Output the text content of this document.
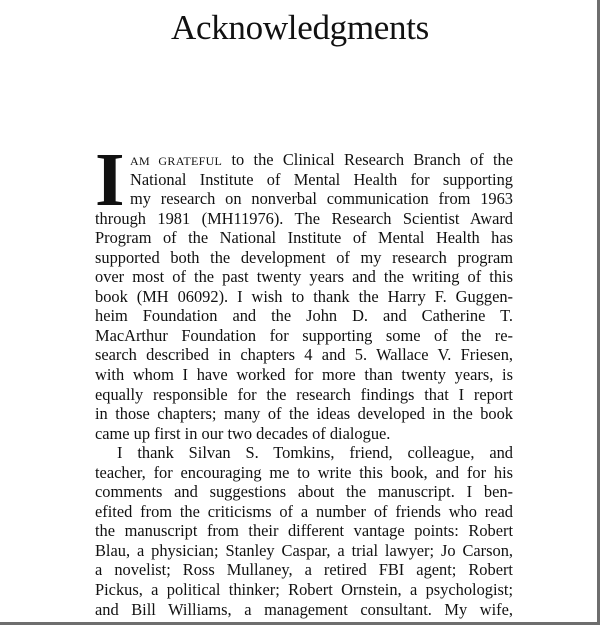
Acknowledgments
I AM GRATEFUL to the Clinical Research Branch of the
National Institute of Mental Health for supporting
my research on nonverbal communication from 1963
through 1981 (MH11976). The Research Scientist Award
Program of the National Institute of Mental Health has
supported both the development of my research program
over most of the past twenty years and the writing of this
book (MH 06092). I wish to thank the Harry F. Guggen-
heim Foundation and the John D. and Catherine T.
MacArthur Foundation for supporting some of the re-
search described in chapters 4 and 5. Wallace V. Friesen,
with whom I have worked for more than twenty years, is
equally responsible for the research findings that I report
in those chapters; many of the ideas developed in the book
came up first in our two decades of dialogue.
I thank Silvan S. Tomkins, friend, colleague, and
teacher, for encouraging me to write this book, and for his
comments and suggestions about the manuscript. I ben-
efited from the criticisms of a number of friends who read
the manuscript from their different vantage points: Robert
Blau, a physician; Stanley Caspar, a trial lawyer; Jo Carson,
a novelist; Ross Mullaney, a retired FBI agent; Robert
Pickus, a political thinker; Robert Ornstein, a psychologist;
and Bill Williams, a management consultant. My wife,
